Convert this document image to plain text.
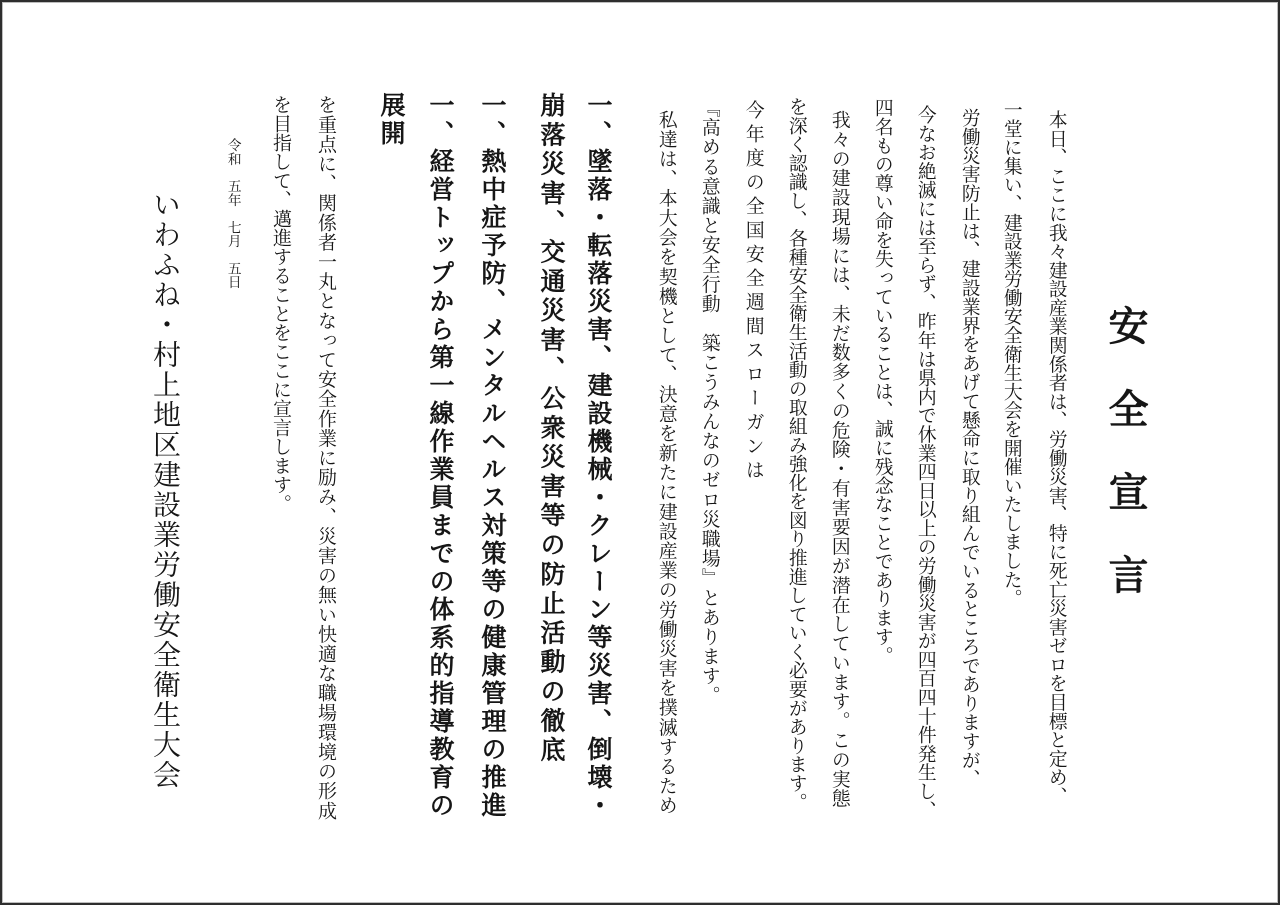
安全宣言

本日、ここに我々建設産業関係者は、労働災害、特に死亡災害ゼロを目標と定め、

一堂に集い、建設業労働安全衛生大会を開催いたしました。

労働災害防止は、建設業界をあげて懸命に取り組んでいるところでありますが、

今なお絶滅には至らず、昨年は県内で休業四日以上の労働災害が四百四十件発生し、

四名もの尊い命を失っていることは、誠に残念なことであります。

我々の建設現場には、未だ数多くの危険・有害要因が潜在しています。この実態

を深く認識し、各種安全衛生活動の取組み強化を図り推進していく必要があります。

今年度の全国安全週間スローガンは

『高める意識と安全行動　築こうみんなのゼロ災職場』とあります。

私達は、本大会を契機として、決意を新たに建設産業の労働災害を撲滅するため

一、墜落・転落災害、建設機械・クレーン等災害、倒壊・

崩落災害、交通災害、公衆災害等の防止活動の徹底

一、熱中症予防、メンタルヘルス対策等の健康管理の推進

一、経営トップから第一線作業員までの体系的指導教育の

展開

を重点に、関係者一丸となって安全作業に励み、災害の無い快適な職場環境の形成

を目指して、邁進することをここに宣言します。

令和　五年　七月　五日

いわふね・村上地区建設業労働安全衛生大会
